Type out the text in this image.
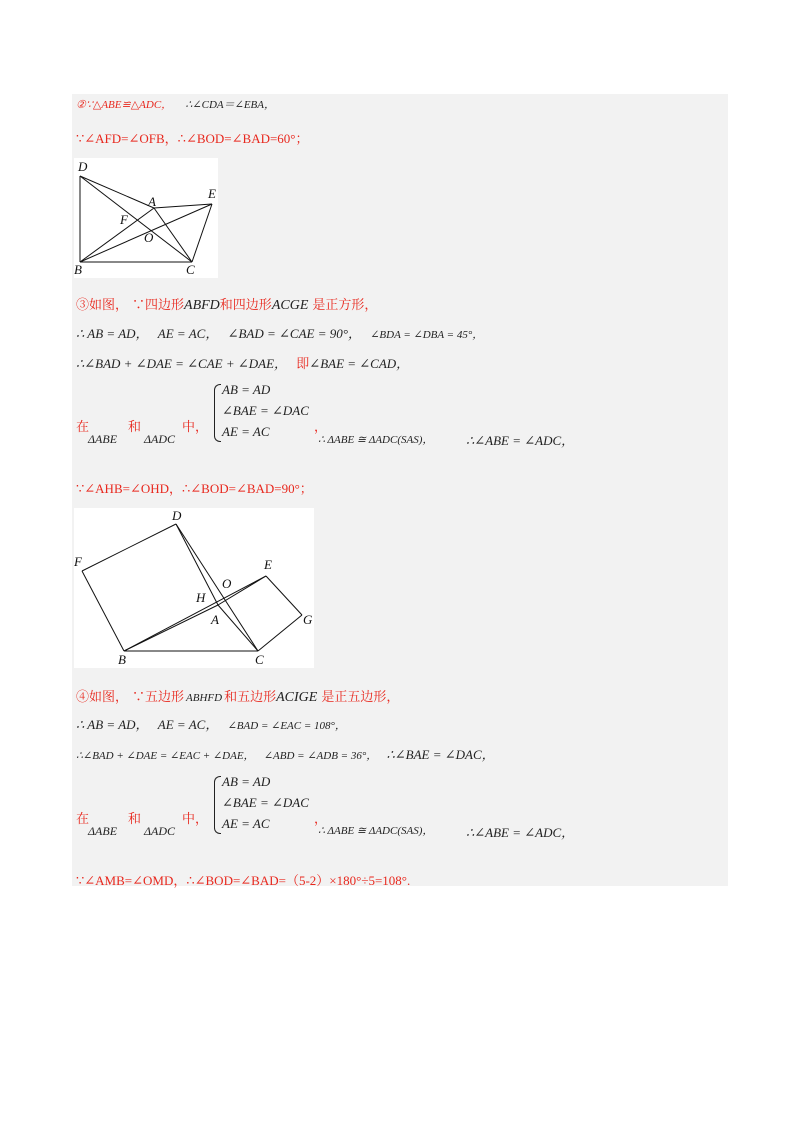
②∵△ABE≌△ADC， ∴∠CDA＝∠EBA，
∵∠AFD=∠OFB，∴∠BOD=∠BAD=60°；
D
E
A
F
O
B	C
③如图， ∵四边形ABFD和四边形ACGE 是正方形，
∴ AB = AD， AE = AC， ∠BAD = ∠CAE = 90°， ∠BDA = ∠DBA = 45°，
∴∠BAD + ∠DAE = ∠CAE + ∠DAE， 即∠BAE = ∠CAD，
在	和	中，
ΔABE ΔADC
AB = AD
∠BAE = ∠DAC
AE = AC	，
∴ ΔABE ≅ ΔADC(SAS)，	∴∠ABE = ∠ADC，
∵∠AHB=∠OHD，∴∠BOD=∠BAD=90°；
D
F	E
O
H
A	G
B	C
④如图， ∵五边形 ABHFD 和五边形ACIGE 是正五边形，
∴ AB = AD， AE = AC， ∠BAD = ∠EAC = 108°，
∴∠BAD + ∠DAE = ∠EAC + ∠DAE， ∠ABD = ∠ADB = 36°， ∴∠BAE = ∠DAC，
在	和	中，
ΔABE ΔADC
AB = AD
∠BAE = ∠DAC
AE = AC	，
∴ ΔABE ≅ ΔADC(SAS)，	∴∠ABE = ∠ADC，
∵∠AMB=∠OMD，∴∠BOD=∠BAD=（5-2）×180°÷5=108°.
